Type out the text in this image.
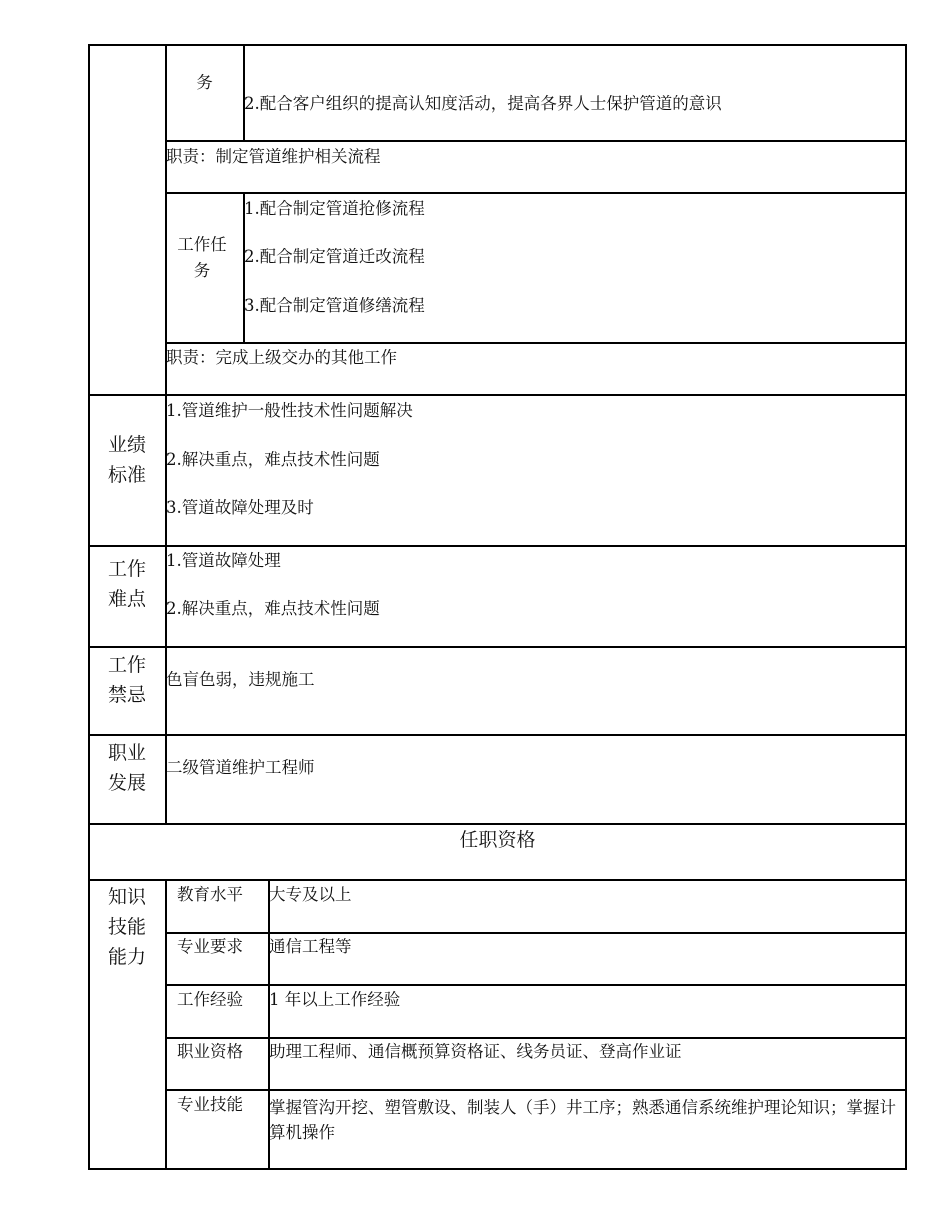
务
2.配合客户组织的提高认知度活动，提高各界人士保护管道的意识
职责：制定管道维护相关流程
工作任务
1.配合制定管道抢修流程
2.配合制定管道迁改流程
3.配合制定管道修缮流程
职责：完成上级交办的其他工作
业绩标准
1.管道维护一般性技术性问题解决
2.解决重点，难点技术性问题
3.管道故障处理及时
工作难点
1.管道故障处理
2.解决重点，难点技术性问题
工作禁忌
色盲色弱，违规施工
职业发展
二级管道维护工程师
任职资格
知识技能能力
教育水平 大专及以上
专业要求 通信工程等
工作经验 1 年以上工作经验
职业资格 助理工程师、通信概预算资格证、线务员证、登高作业证
专业技能 掌握管沟开挖、塑管敷设、制装人（手）井工序；熟悉通信系统维护理论知识；掌握计算机操作
